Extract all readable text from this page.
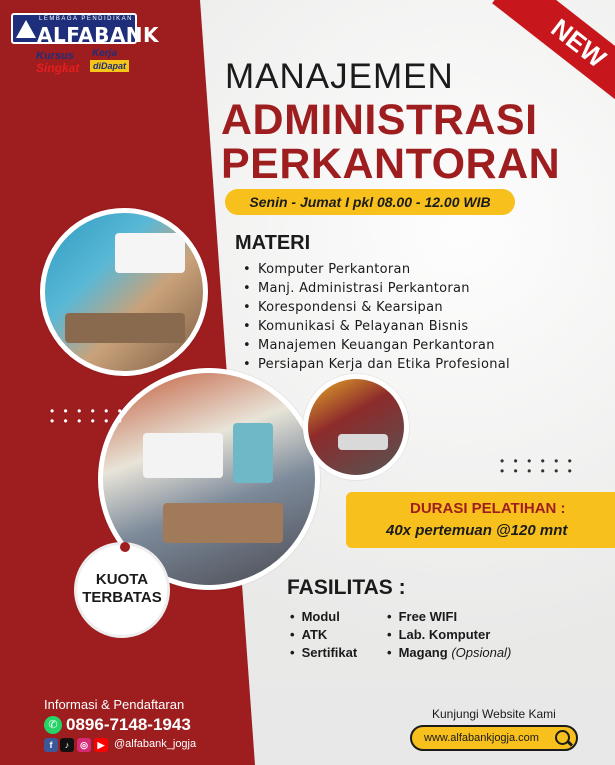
LEMBAGA PENDIDIKAN
ALFABANK
Kursus
Singkat
Kerja
diDapat	NEW
MANAJEMEN
ADMINISTRASI
PERKANTORAN
Senin - Jumat I pkl 08.00 - 12.00 WIB
MATERI
• Komputer Perkantoran
• Manj. Administrasi Perkantoran
• Korespondensi & Kearsipan
• Komunikasi & Pelayanan Bisnis
• Manajemen Keuangan Perkantoran
• Persiapan Kerja dan Etika Profesional
• • • • • •
• • • • • •
• • • • • •
• • • • • •
DURASI PELATIHAN :
40x pertemuan @120 mnt
KUOTA
TERBATAS	FASILITAS :
• Modul
• ATK
• Sertifikat
• Free WIFI
• Lab. Komputer
• Magang (Opsional)
Informasi & Pendaftaran
✆ 0896-7148-1943
f	♪	◎	▶ @alfabank_jogja
Kunjungi Website Kami
www.alfabankjogja.com
